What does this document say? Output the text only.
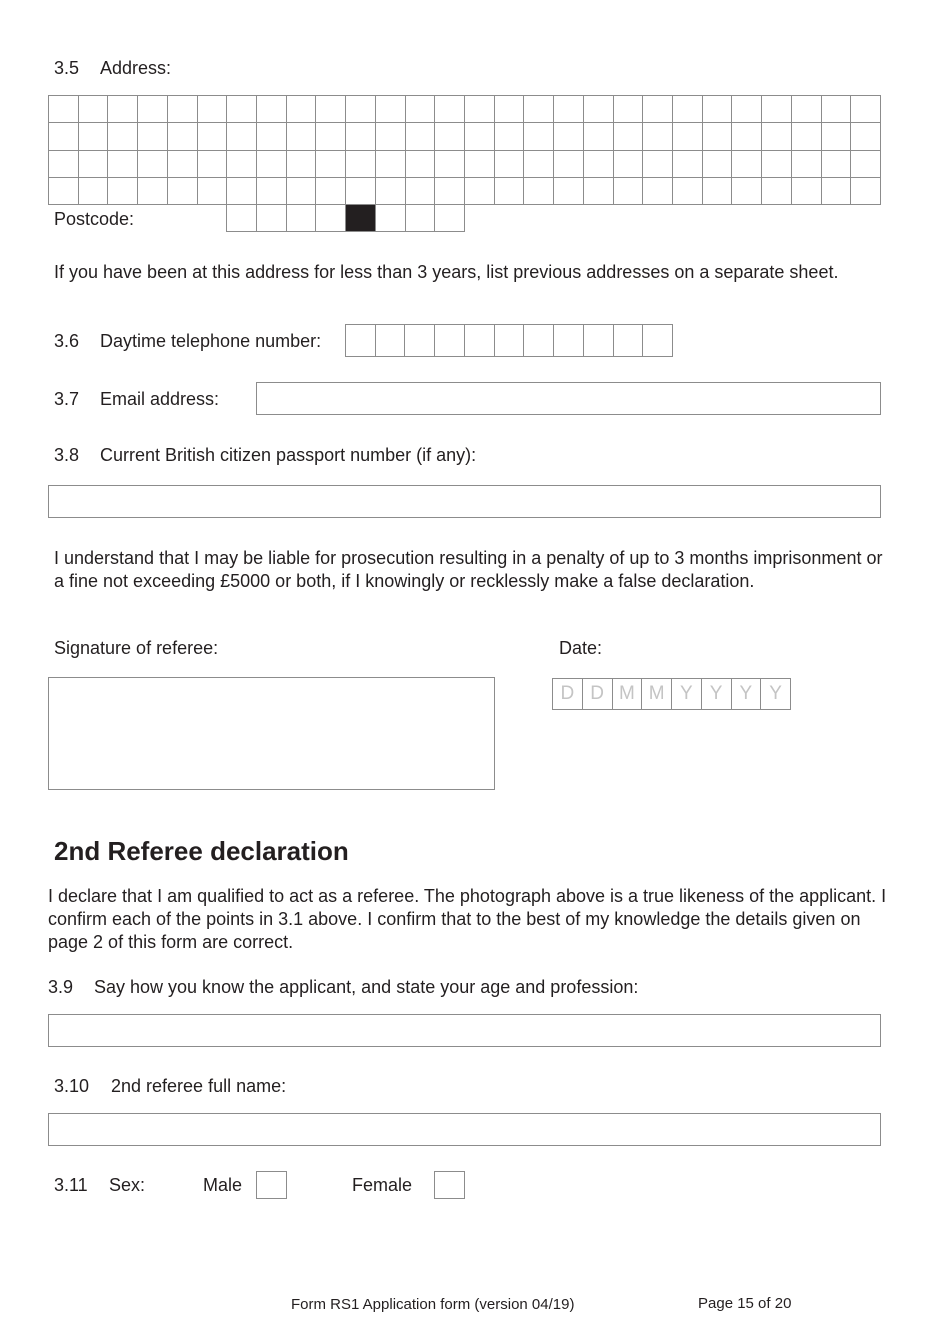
3.5 Address:
Postcode:
If you have been at this address for less than 3 years, list previous addresses on a separate sheet.
3.6 Daytime telephone number:
3.7 Email address:
3.8 Current British citizen passport number (if any):
I understand that I may be liable for prosecution resulting in a penalty of up to 3 months imprisonment or a fine not exceeding £5000 or both, if I knowingly or recklessly make a false declaration.
Signature of referee:	Date:
D D M M Y Y Y Y
2nd Referee declaration
I declare that I am qualified to act as a referee. The photograph above is a true likeness of the applicant. I confirm each of the points in 3.1 above. I confirm that to the best of my knowledge the details given on page 2 of this form are correct.
3.9 Say how you know the applicant, and state your age and profession:
3.10 2nd referee full name:
3.11 Sex:	Male	Female
Form RS1 Application form (version 04/19)	Page 15 of 20
